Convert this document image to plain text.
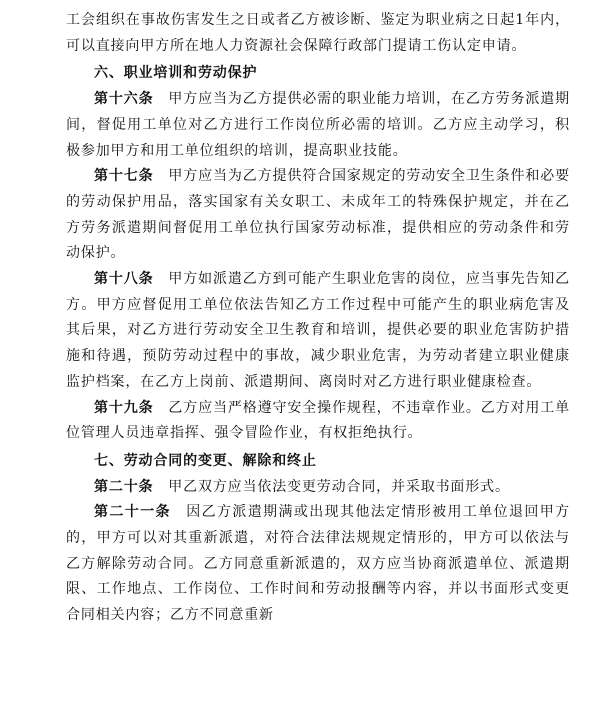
工会组织在事故伤害发生之日或者乙方被诊断、鉴定为职业病之日起1年内，可以直接向甲方所在地人力资源社会保障行政部门提请工伤认定申请。

六、职业培训和劳动保护

第十六条  甲方应当为乙方提供必需的职业能力培训，在乙方劳务派遣期间，督促用工单位对乙方进行工作岗位所必需的培训。乙方应主动学习，积极参加甲方和用工单位组织的培训，提高职业技能。

第十七条  甲方应当为乙方提供符合国家规定的劳动安全卫生条件和必要的劳动保护用品，落实国家有关女职工、未成年工的特殊保护规定，并在乙方劳务派遣期间督促用工单位执行国家劳动标准，提供相应的劳动条件和劳动保护。

第十八条  甲方如派遣乙方到可能产生职业危害的岗位，应当事先告知乙方。甲方应督促用工单位依法告知乙方工作过程中可能产生的职业病危害及其后果，对乙方进行劳动安全卫生教育和培训，提供必要的职业危害防护措施和待遇，预防劳动过程中的事故，减少职业危害，为劳动者建立职业健康监护档案，在乙方上岗前、派遣期间、离岗时对乙方进行职业健康检查。

第十九条  乙方应当严格遵守安全操作规程，不违章作业。乙方对用工单位管理人员违章指挥、强令冒险作业，有权拒绝执行。

七、劳动合同的变更、解除和终止

第二十条  甲乙双方应当依法变更劳动合同，并采取书面形式。

第二十一条  因乙方派遣期满或出现其他法定情形被用工单位退回甲方的，甲方可以对其重新派遣，对符合法律法规规定情形的，甲方可以依法与乙方解除劳动合同。乙方同意重新派遣的，双方应当协商派遣单位、派遣期限、工作地点、工作岗位、工作时间和劳动报酬等内容，并以书面形式变更合同相关内容；乙方不同意重新
